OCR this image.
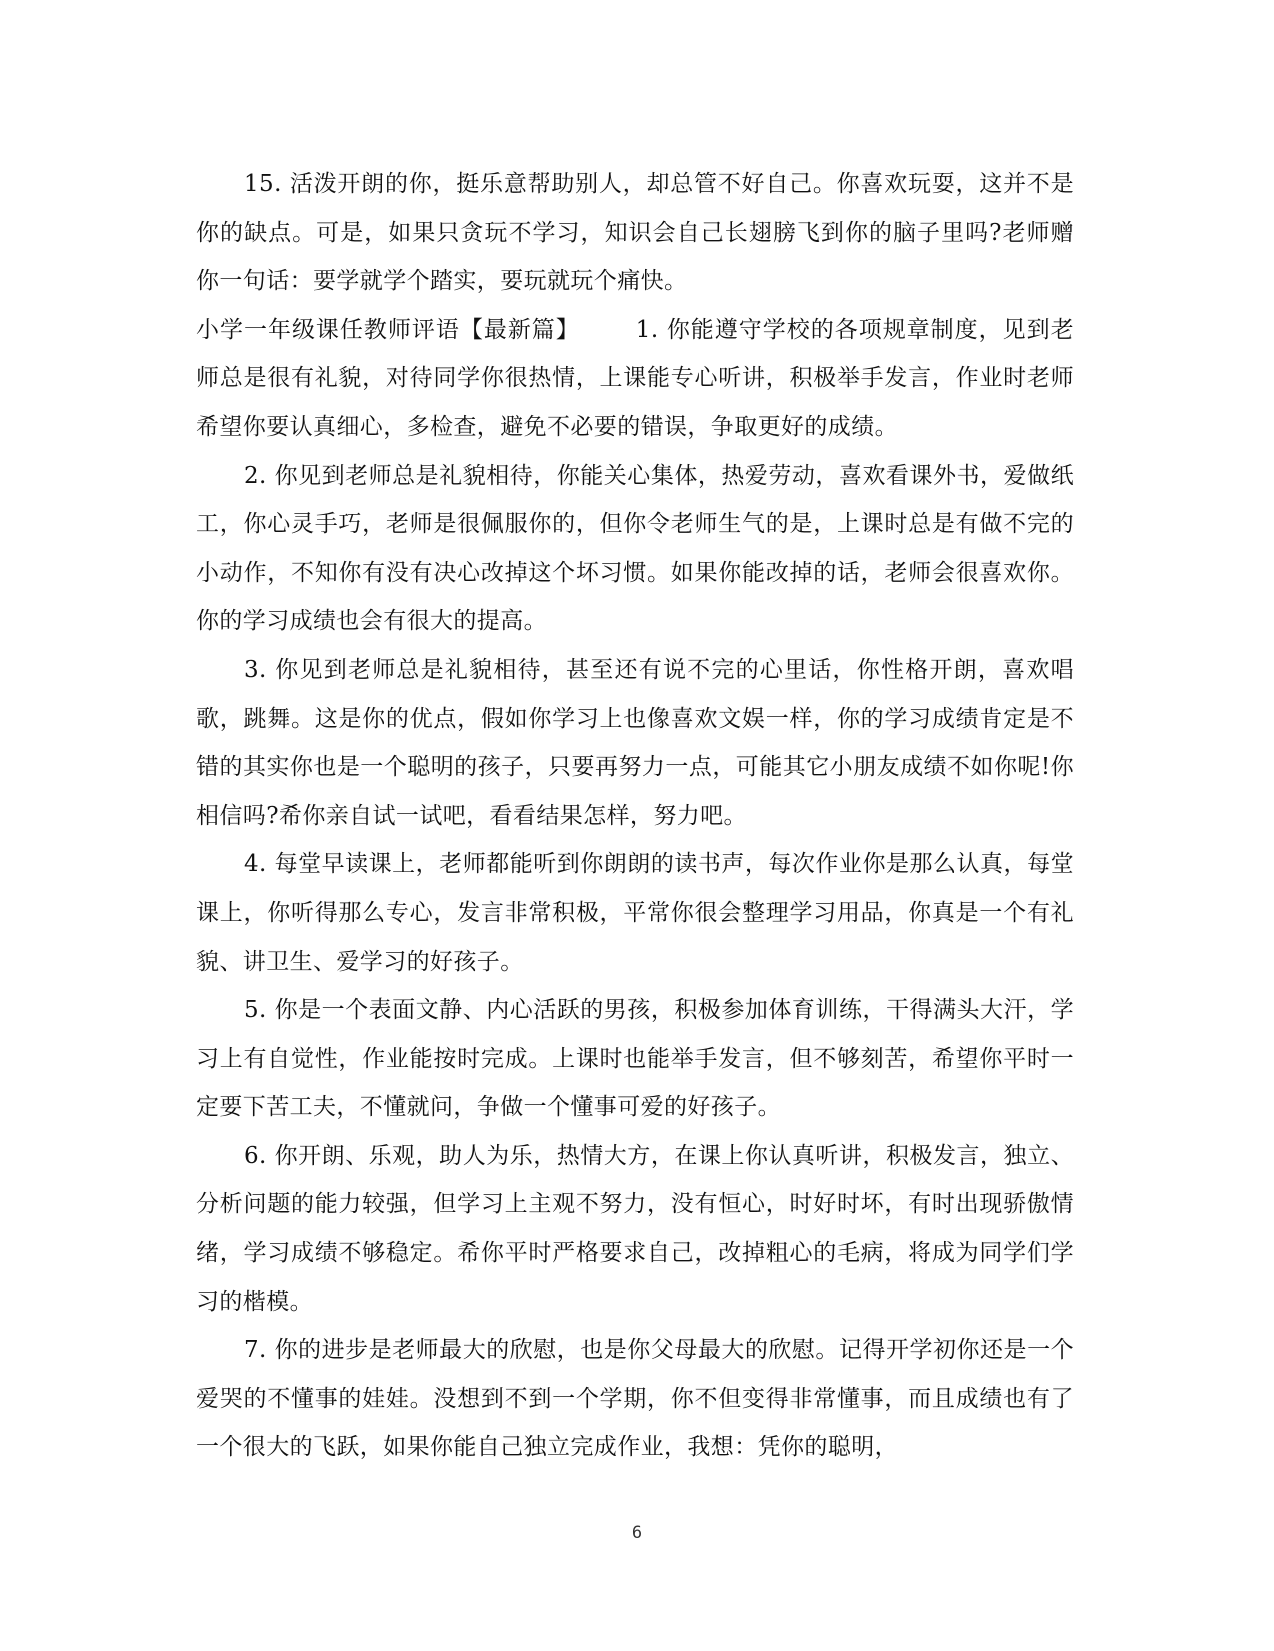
15. 活泼开朗的你，挺乐意帮助别人，却总管不好自己。你喜欢玩耍，这并不是你的缺点。可是，如果只贪玩不学习，知识会自己长翅膀飞到你的脑子里吗?老师赠你一句话：要学就学个踏实，要玩就玩个痛快。

小学一年级课任教师评语【最新篇】 1. 你能遵守学校的各项规章制度，见到老师总是很有礼貌，对待同学你很热情，上课能专心听讲，积极举手发言，作业时老师希望你要认真细心，多检查，避免不必要的错误，争取更好的成绩。

2. 你见到老师总是礼貌相待，你能关心集体，热爱劳动，喜欢看课外书，爱做纸工，你心灵手巧，老师是很佩服你的，但你令老师生气的是，上课时总是有做不完的小动作，不知你有没有决心改掉这个坏习惯。如果你能改掉的话，老师会很喜欢你。你的学习成绩也会有很大的提高。

3. 你见到老师总是礼貌相待，甚至还有说不完的心里话，你性格开朗，喜欢唱歌，跳舞。这是你的优点，假如你学习上也像喜欢文娱一样，你的学习成绩肯定是不错的其实你也是一个聪明的孩子，只要再努力一点，可能其它小朋友成绩不如你呢!你相信吗?希你亲自试一试吧，看看结果怎样，努力吧。

4. 每堂早读课上，老师都能听到你朗朗的读书声，每次作业你是那么认真，每堂课上，你听得那么专心，发言非常积极，平常你很会整理学习用品，你真是一个有礼貌、讲卫生、爱学习的好孩子。

5. 你是一个表面文静、内心活跃的男孩，积极参加体育训练，干得满头大汗，学习上有自觉性，作业能按时完成。上课时也能举手发言，但不够刻苦，希望你平时一定要下苦工夫，不懂就问，争做一个懂事可爱的好孩子。

6. 你开朗、乐观，助人为乐，热情大方，在课上你认真听讲，积极发言，独立、分析问题的能力较强，但学习上主观不努力，没有恒心，时好时坏，有时出现骄傲情绪，学习成绩不够稳定。希你平时严格要求自己，改掉粗心的毛病，将成为同学们学习的楷模。

7. 你的进步是老师最大的欣慰，也是你父母最大的欣慰。记得开学初你还是一个爱哭的不懂事的娃娃。没想到不到一个学期，你不但变得非常懂事，而且成绩也有了一个很大的飞跃，如果你能自己独立完成作业，我想：凭你的聪明，

6
